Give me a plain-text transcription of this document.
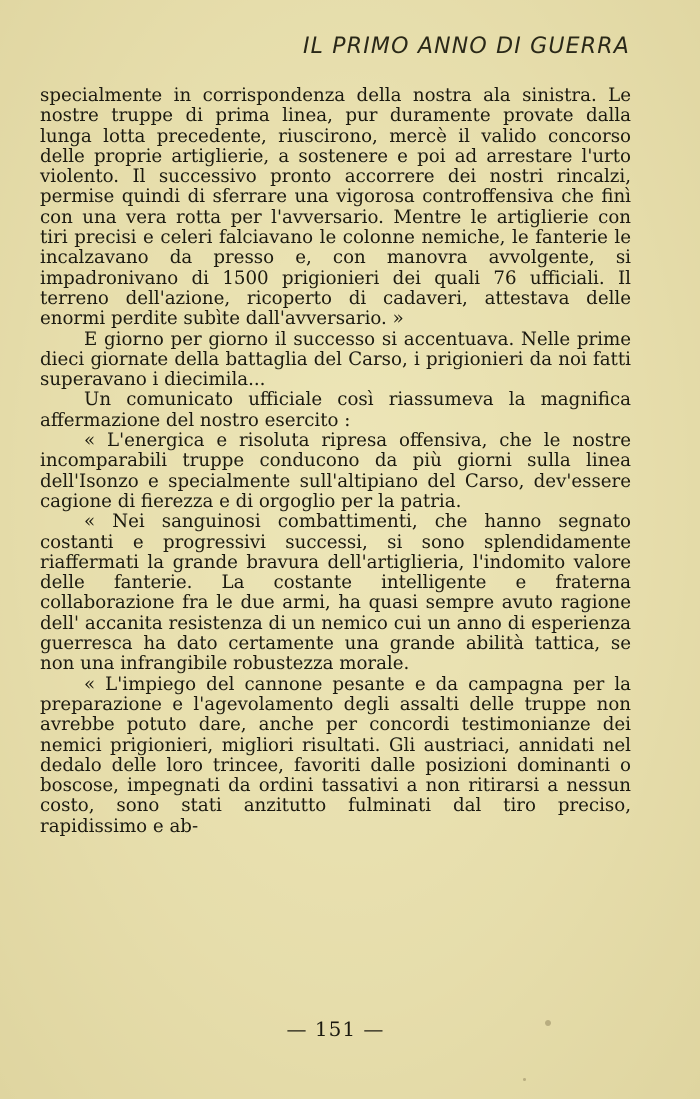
IL PRIMO ANNO DI GUERRA

specialmente in corrispondenza della nostra ala sinistra. Le nostre truppe di prima linea, pur duramente provate dalla lunga lotta precedente, riuscirono, mercè il valido concorso delle proprie artiglierie, a sostenere e poi ad arrestare l'urto violento. Il successivo pronto accorrere dei nostri rincalzi, permise quindi di sferrare una vigorosa controffensiva che finì con una vera rotta per l'avversario. Mentre le artiglierie con tiri precisi e celeri falciavano le colonne nemiche, le fanterie le incalzavano da presso e, con manovra avvolgente, si impadronivano di 1500 prigionieri dei quali 76 ufficiali. Il terreno dell'azione, ricoperto di cadaveri, attestava delle enormi perdite subìte dall'avversario. »

E giorno per giorno il successo si accentuava. Nelle prime dieci giornate della battaglia del Carso, i prigionieri da noi fatti superavano i diecimila...

Un comunicato ufficiale così riassumeva la magnifica affermazione del nostro esercito :

« L'energica e risoluta ripresa offensiva, che le nostre incomparabili truppe conducono da più giorni sulla linea dell'Isonzo e specialmente sull'altipiano del Carso, dev'essere cagione di fierezza e di orgoglio per la patria.

« Nei sanguinosi combattimenti, che hanno segnato costanti e progressivi successi, si sono splendidamente riaffermati la grande bravura dell'artiglieria, l'indomito valore delle fanterie. La costante intelligente e fraterna collaborazione fra le due armi, ha quasi sempre avuto ragione dell' accanita resistenza di un nemico cui un anno di esperienza guerresca ha dato certamente una grande abilità tattica, se non una infrangibile robustezza morale.

« L'impiego del cannone pesante e da campagna per la preparazione e l'agevolamento degli assalti delle truppe non avrebbe potuto dare, anche per concordi testimonianze dei nemici prigionieri, migliori risultati. Gli austriaci, annidati nel dedalo delle loro trincee, favoriti dalle posizioni dominanti o boscose, impegnati da ordini tassativi a non ritirarsi a nessun costo, sono stati anzitutto fulminati dal tiro preciso, rapidissimo e ab-

— 151 —
